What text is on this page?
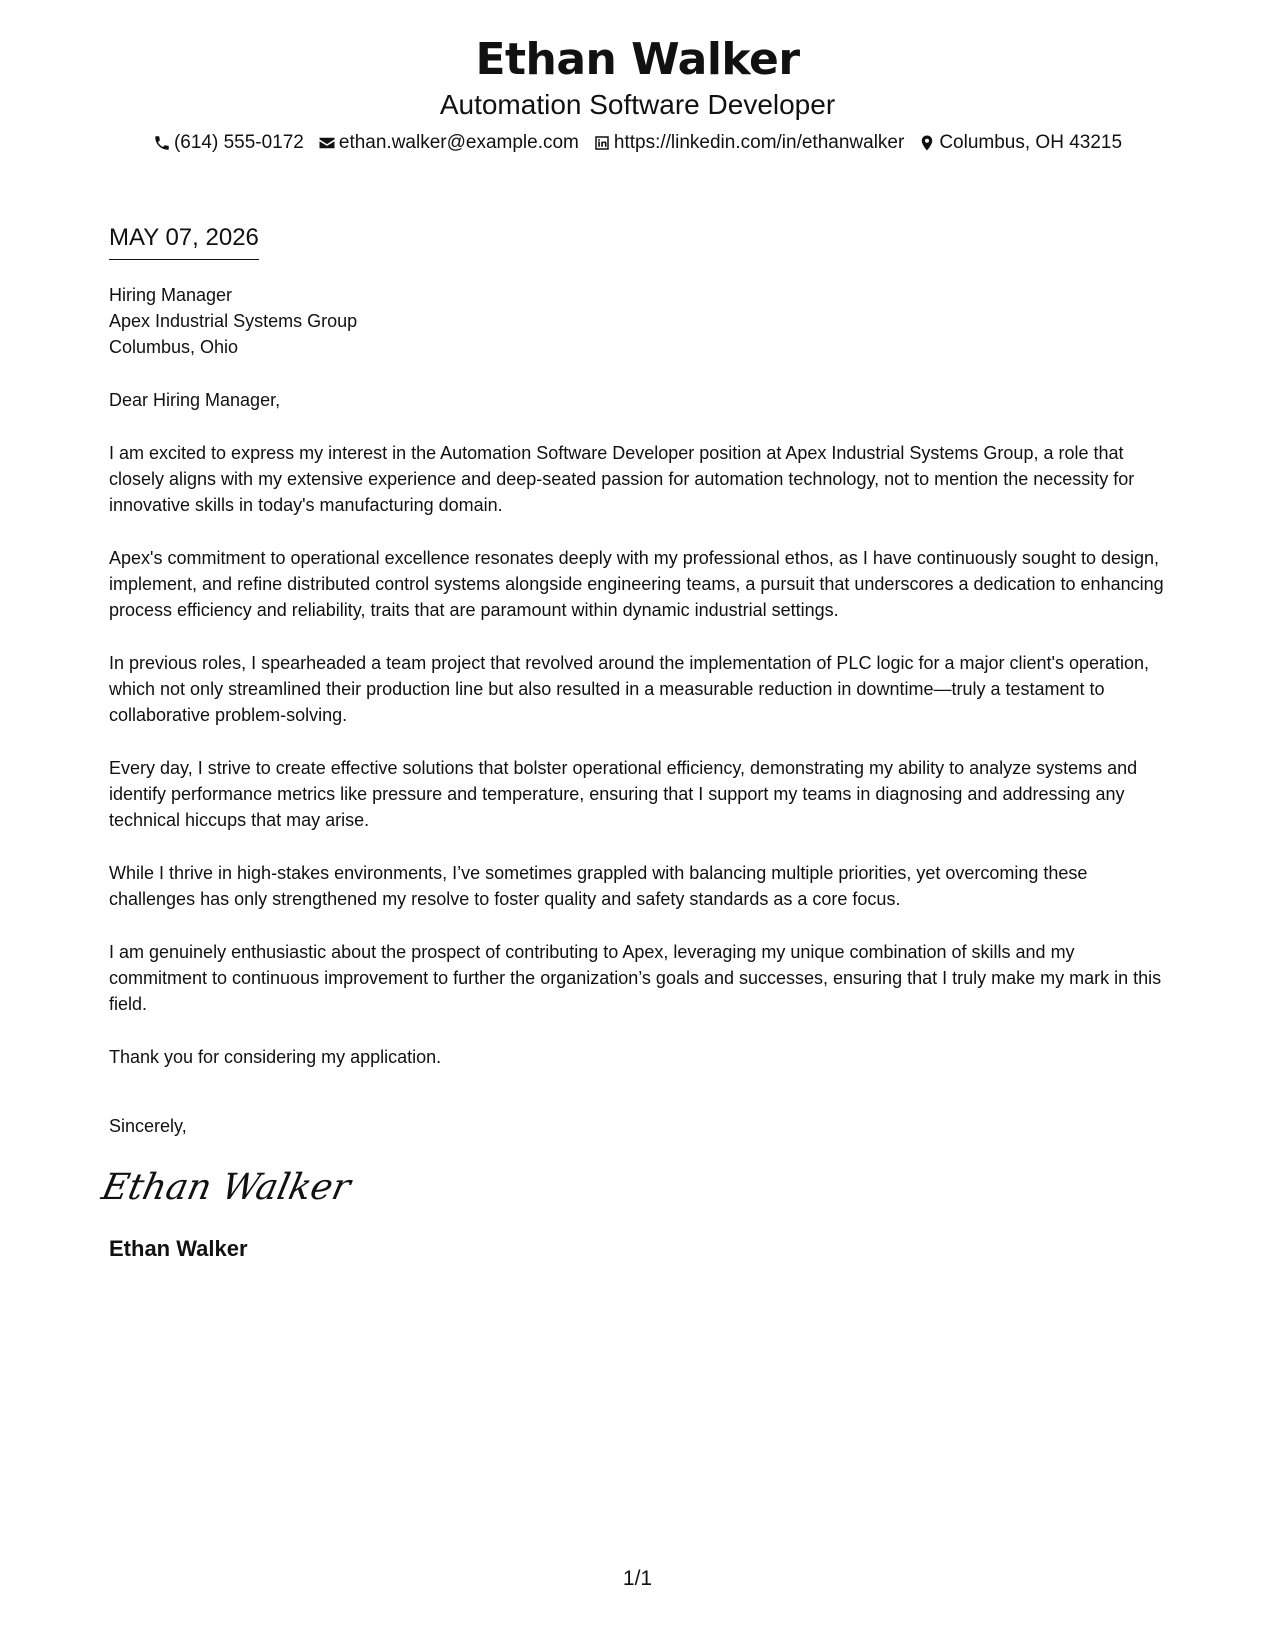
Ethan Walker
Automation Software Developer
(614) 555-0172 ethan.walker@example.com https://linkedin.com/in/ethanwalker Columbus, OH 43215
MAY 07, 2026
Hiring Manager
Apex Industrial Systems Group
Columbus, Ohio
Dear Hiring Manager,
I am excited to express my interest in the Automation Software Developer position at Apex Industrial Systems Group, a role that closely aligns with my extensive experience and deep-seated passion for automation technology, not to mention the necessity for innovative skills in today's manufacturing domain.
Apex's commitment to operational excellence resonates deeply with my professional ethos, as I have continuously sought to design, implement, and refine distributed control systems alongside engineering teams, a pursuit that underscores a dedication to enhancing process efficiency and reliability, traits that are paramount within dynamic industrial settings.
In previous roles, I spearheaded a team project that revolved around the implementation of PLC logic for a major client's operation, which not only streamlined their production line but also resulted in a measurable reduction in downtime—truly a testament to collaborative problem-solving.
Every day, I strive to create effective solutions that bolster operational efficiency, demonstrating my ability to analyze systems and identify performance metrics like pressure and temperature, ensuring that I support my teams in diagnosing and addressing any technical hiccups that may arise.
While I thrive in high-stakes environments, I’ve sometimes grappled with balancing multiple priorities, yet overcoming these challenges has only strengthened my resolve to foster quality and safety standards as a core focus.
I am genuinely enthusiastic about the prospect of contributing to Apex, leveraging my unique combination of skills and my commitment to continuous improvement to further the organization’s goals and successes, ensuring that I truly make my mark in this field.
Thank you for considering my application.
Sincerely,
Ethan Walker
Ethan Walker
1/1
